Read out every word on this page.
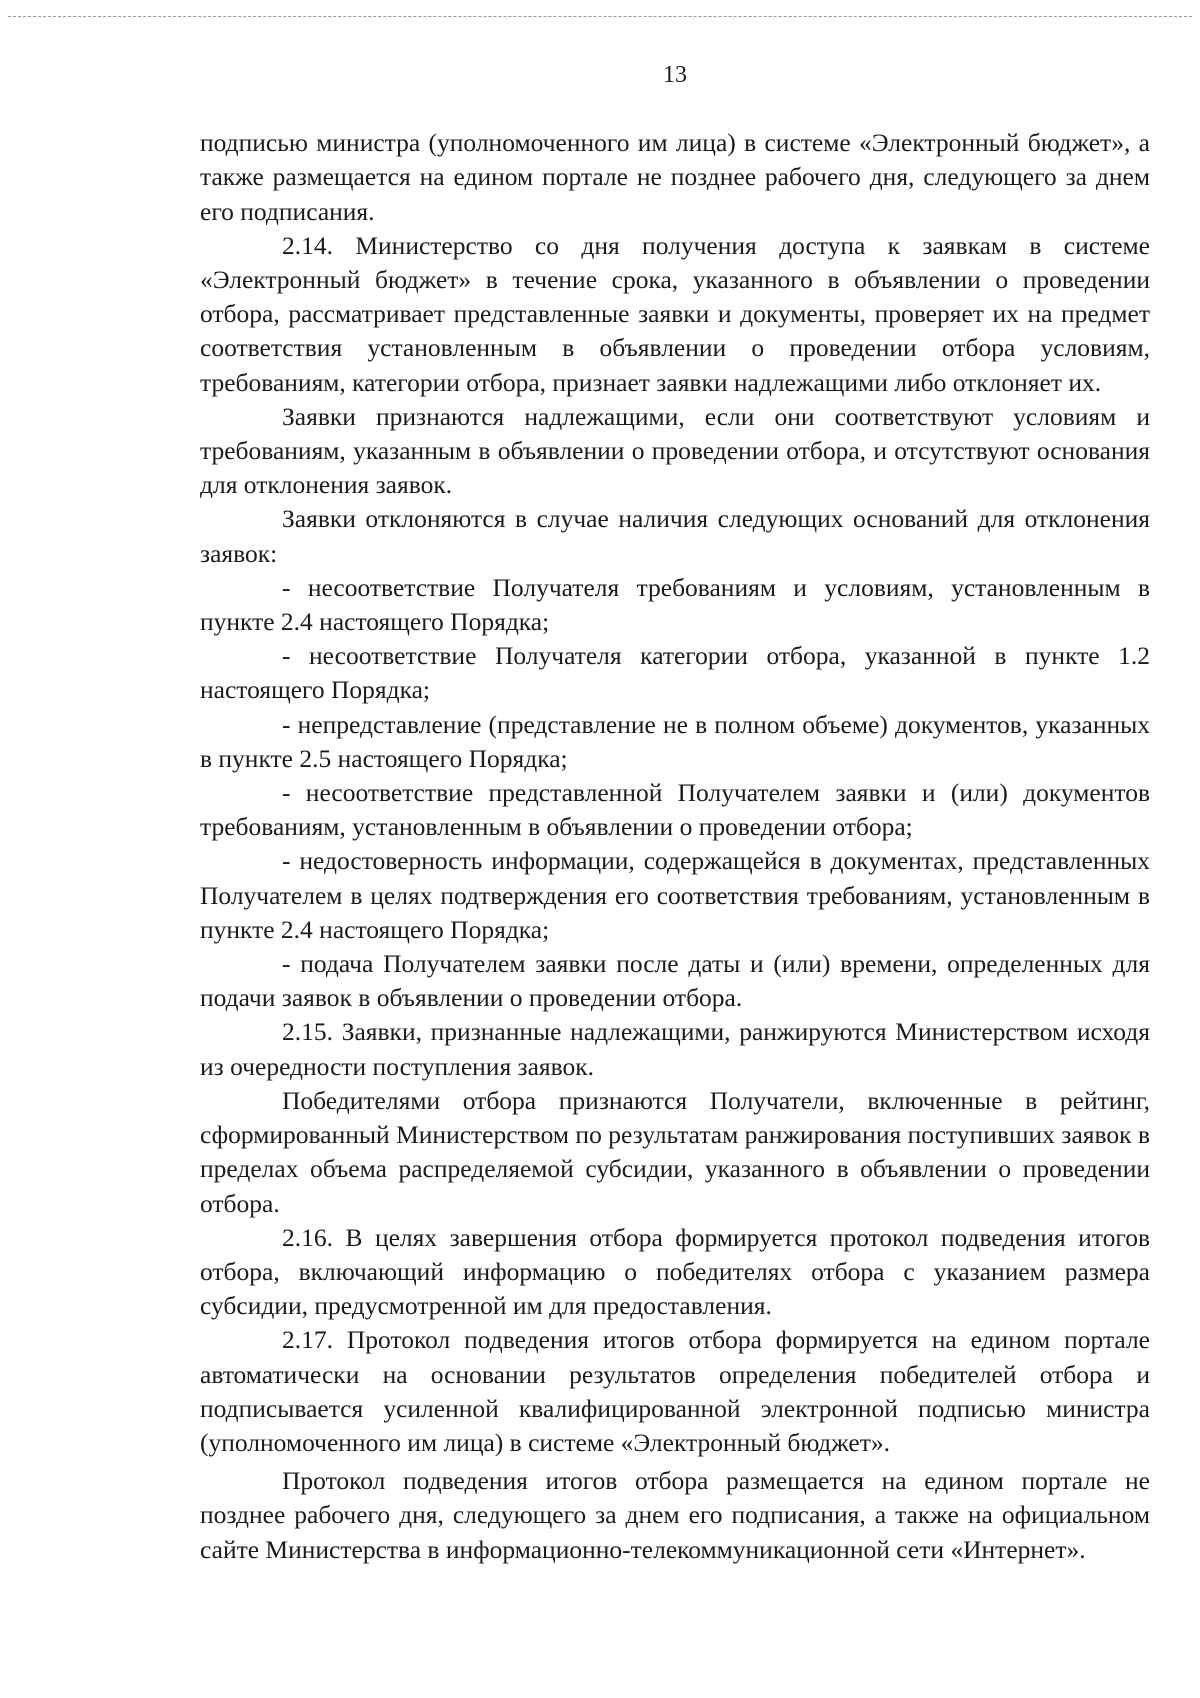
13

подписью министра (уполномоченного им лица) в системе «Электронный бюджет», а также размещается на едином портале не позднее рабочего дня, следующего за днем его подписания.

2.14. Министерство со дня получения доступа к заявкам в системе «Электронный бюджет» в течение срока, указанного в объявлении о проведении отбора, рассматривает представленные заявки и документы, проверяет их на предмет соответствия установленным в объявлении о проведении отбора условиям, требованиям, категории отбора, признает заявки надлежащими либо отклоняет их.

Заявки признаются надлежащими, если они соответствуют условиям и требованиям, указанным в объявлении о проведении отбора, и отсутствуют основания для отклонения заявок.

Заявки отклоняются в случае наличия следующих оснований для отклонения заявок:

- несоответствие Получателя требованиям и условиям, установленным в пункте 2.4 настоящего Порядка;

- несоответствие Получателя категории отбора, указанной в пункте 1.2 настоящего Порядка;

- непредставление (представление не в полном объеме) документов, указанных в пункте 2.5 настоящего Порядка;

- несоответствие представленной Получателем заявки и (или) документов требованиям, установленным в объявлении о проведении отбора;

- недостоверность информации, содержащейся в документах, представленных Получателем в целях подтверждения его соответствия требованиям, установленным в пункте 2.4 настоящего Порядка;

- подача Получателем заявки после даты и (или) времени, определенных для подачи заявок в объявлении о проведении отбора.

2.15. Заявки, признанные надлежащими, ранжируются Министерством исходя из очередности поступления заявок.

Победителями отбора признаются Получатели, включенные в рейтинг, сформированный Министерством по результатам ранжирования поступивших заявок в пределах объема распределяемой субсидии, указанного в объявлении о проведении отбора.

2.16. В целях завершения отбора формируется протокол подведения итогов отбора, включающий информацию о победителях отбора с указанием размера субсидии, предусмотренной им для предоставления.

2.17. Протокол подведения итогов отбора формируется на едином портале автоматически на основании результатов определения победителей отбора и подписывается усиленной квалифицированной электронной подписью министра (уполномоченного им лица) в системе «Электронный бюджет».

Протокол подведения итогов отбора размещается на едином портале не позднее рабочего дня, следующего за днем его подписания, а также на официальном сайте Министерства в информационно-телекоммуникационной сети «Интернет».
